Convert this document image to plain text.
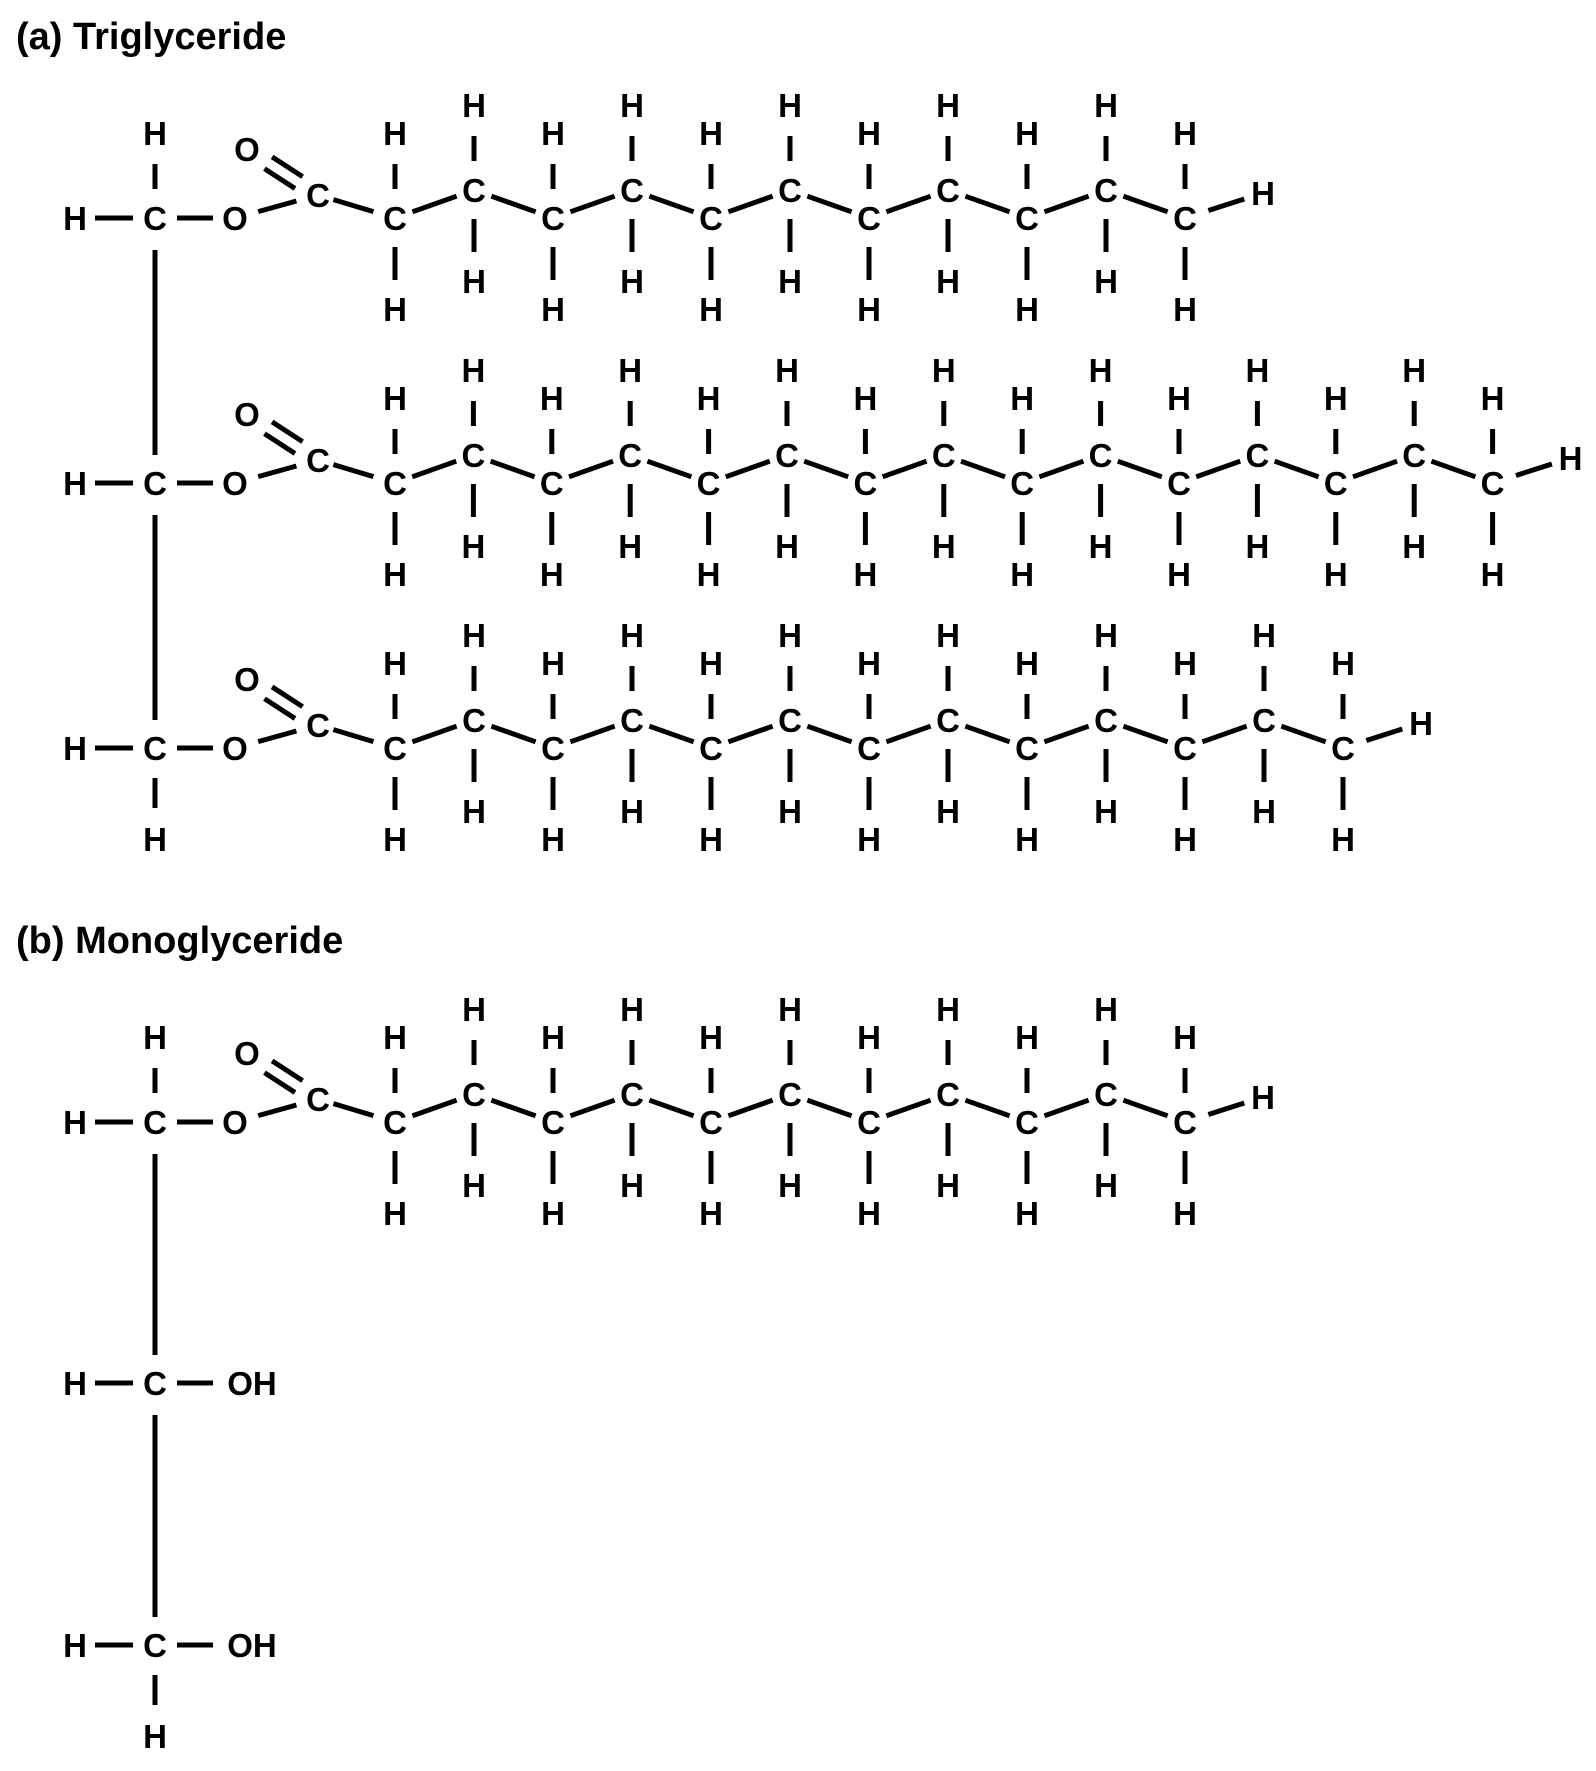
(a) Triglyceride
(b) Monoglyceride
H C O
H O
C
C
H
H
C
H
H
C
H
H
C
H
H
C
H
H
C
H
H
C
H
H
C
H
H
C
H
H
C
H
H
C
H
H
H
H C O
O
C
C
H
H
C
H
H
C
H
H
C
H
H
C
H
H
C
H
H
C
H
H
C
H
H
C
H
H
C
H
H
C
H
H
C
H
H
C
H
H
C
H
H
C
H
H
H
H C O
H
O
C
C
H
H
C
H
H
C
H
H
C
H
H
C
H
H
C
H
H
C
H
H
C
H
H
C
H
H
C
H
H
C
H
H
C
H
H
C
H
H
H
H C O
H O
C
C
H
H
C
H
H
C
H
H
C
H
H
C
H
H
C
H
H
C
H
H
C
H
H
C
H
H
C
H
H
C
H
H
H
H C OH
H C OH
H
